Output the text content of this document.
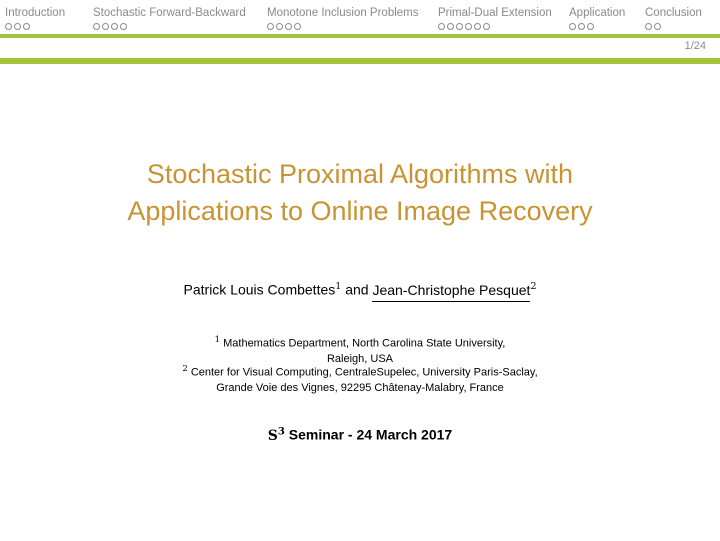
Introduction Stochastic Forward-Backward Monotone Inclusion Problems Primal-Dual Extension Application Conclusion
1/24
Stochastic Proximal Algorithms with
Applications to Online Image Recovery
Patrick Louis Combettes$^1$ and Jean-Christophe Pesquet$^2$
$^1$ Mathematics Department, North Carolina State University,
Raleigh, USA
$^2$ Center for Visual Computing, CentraleSupelec, University Paris-Saclay,
Grande Voie des Vignes, 92295 Châtenay-Malabry, France
$S^3$ Seminar - 24 March 2017
